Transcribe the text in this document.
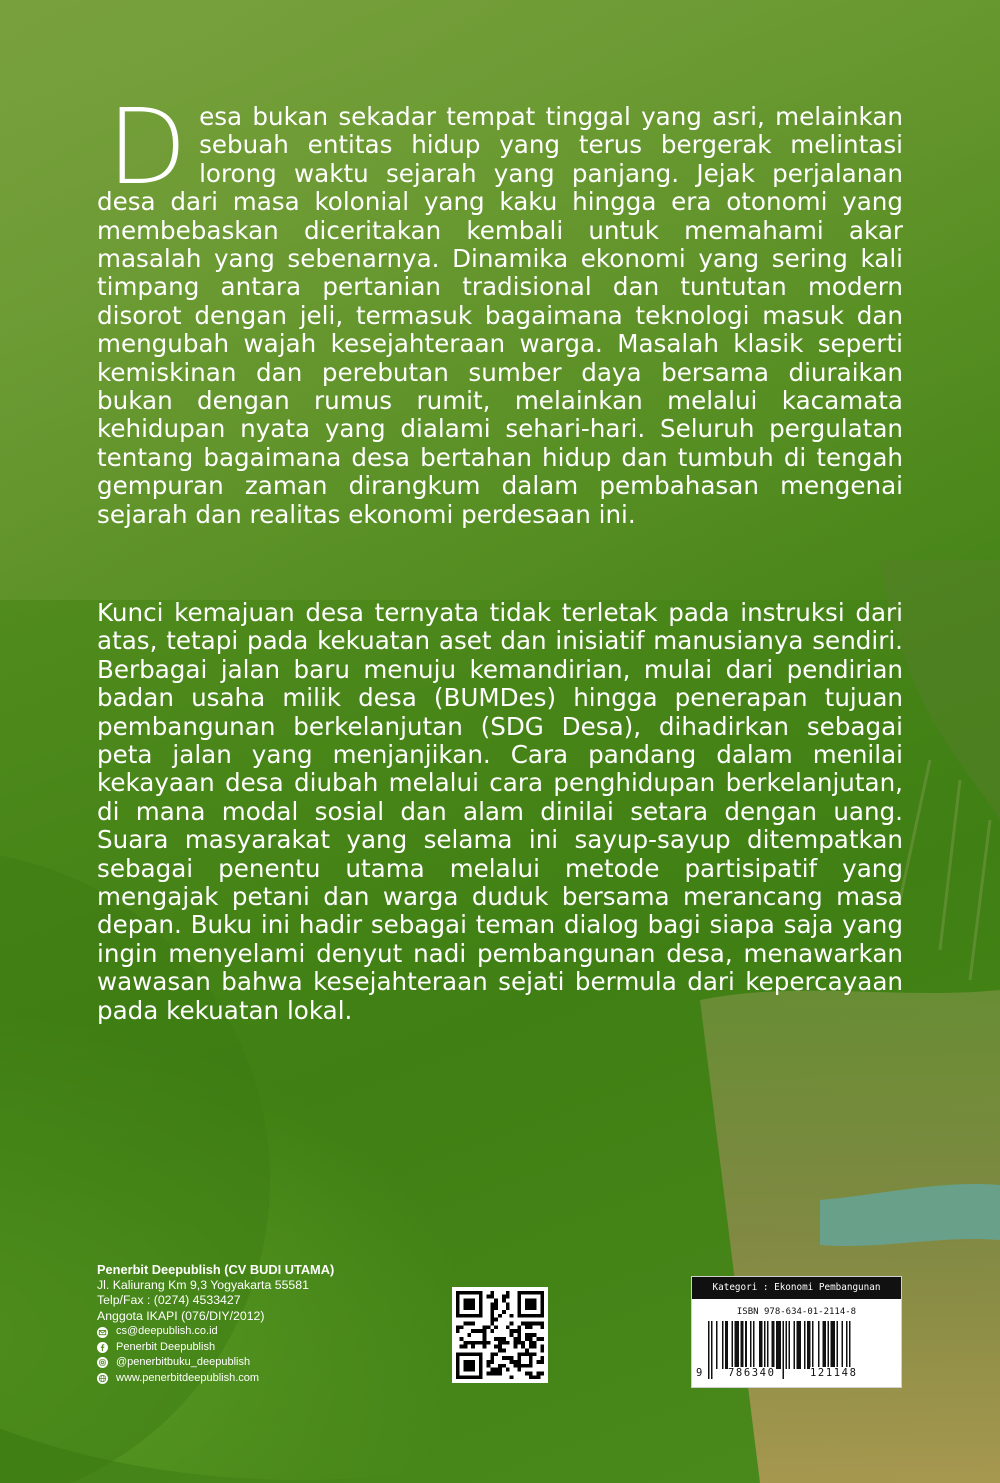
Desa bukan sekadar tempat tinggal yang asri, melainkan sebuah entitas hidup yang terus bergerak melintasi lorong waktu sejarah yang panjang. Jejak perjalanan desa dari masa kolonial yang kaku hingga era otonomi yang membebaskan diceritakan kembali untuk memahami akar masalah yang sebenarnya. Dinamika ekonomi yang sering kali timpang antara pertanian tradisional dan tuntutan modern disorot dengan jeli, termasuk bagaimana teknologi masuk dan mengubah wajah kesejahteraan warga. Masalah klasik seperti kemiskinan dan perebutan sumber daya bersama diuraikan bukan dengan rumus rumit, melainkan melalui kacamata kehidupan nyata yang dialami sehari-hari. Seluruh pergulatan tentang bagaimana desa bertahan hidup dan tumbuh di tengah gempuran zaman dirangkum dalam pembahasan mengenai sejarah dan realitas ekonomi perdesaan ini.

Kunci kemajuan desa ternyata tidak terletak pada instruksi dari atas, tetapi pada kekuatan aset dan inisiatif manusianya sendiri. Berbagai jalan baru menuju kemandirian, mulai dari pendirian badan usaha milik desa (BUMDes) hingga penerapan tujuan pembangunan berkelanjutan (SDG Desa), dihadirkan sebagai peta jalan yang menjanjikan. Cara pandang dalam menilai kekayaan desa diubah melalui cara penghidupan berkelanjutan, di mana modal sosial dan alam dinilai setara dengan uang. Suara masyarakat yang selama ini sayup-sayup ditempatkan sebagai penentu utama melalui metode partisipatif yang mengajak petani dan warga duduk bersama merancang masa depan. Buku ini hadir sebagai teman dialog bagi siapa saja yang ingin menyelami denyut nadi pembangunan desa, menawarkan wawasan bahwa kesejahteraan sejati bermula dari kepercayaan pada kekuatan lokal.

Penerbit Deepublish (CV BUDI UTAMA)
Jl. Kaliurang Km 9,3 Yogyakarta 55581
Telp/Fax : (0274) 4533427
Anggota IKAPI (076/DIY/2012)
cs@deepublish.co.id
Penerbit Deepublish
@penerbitbuku_deepublish
www.penerbitdeepublish.com
Kategori : Ekonomi Pembangunan
ISBN 978-634-01-2114-8
9 786340	121148
